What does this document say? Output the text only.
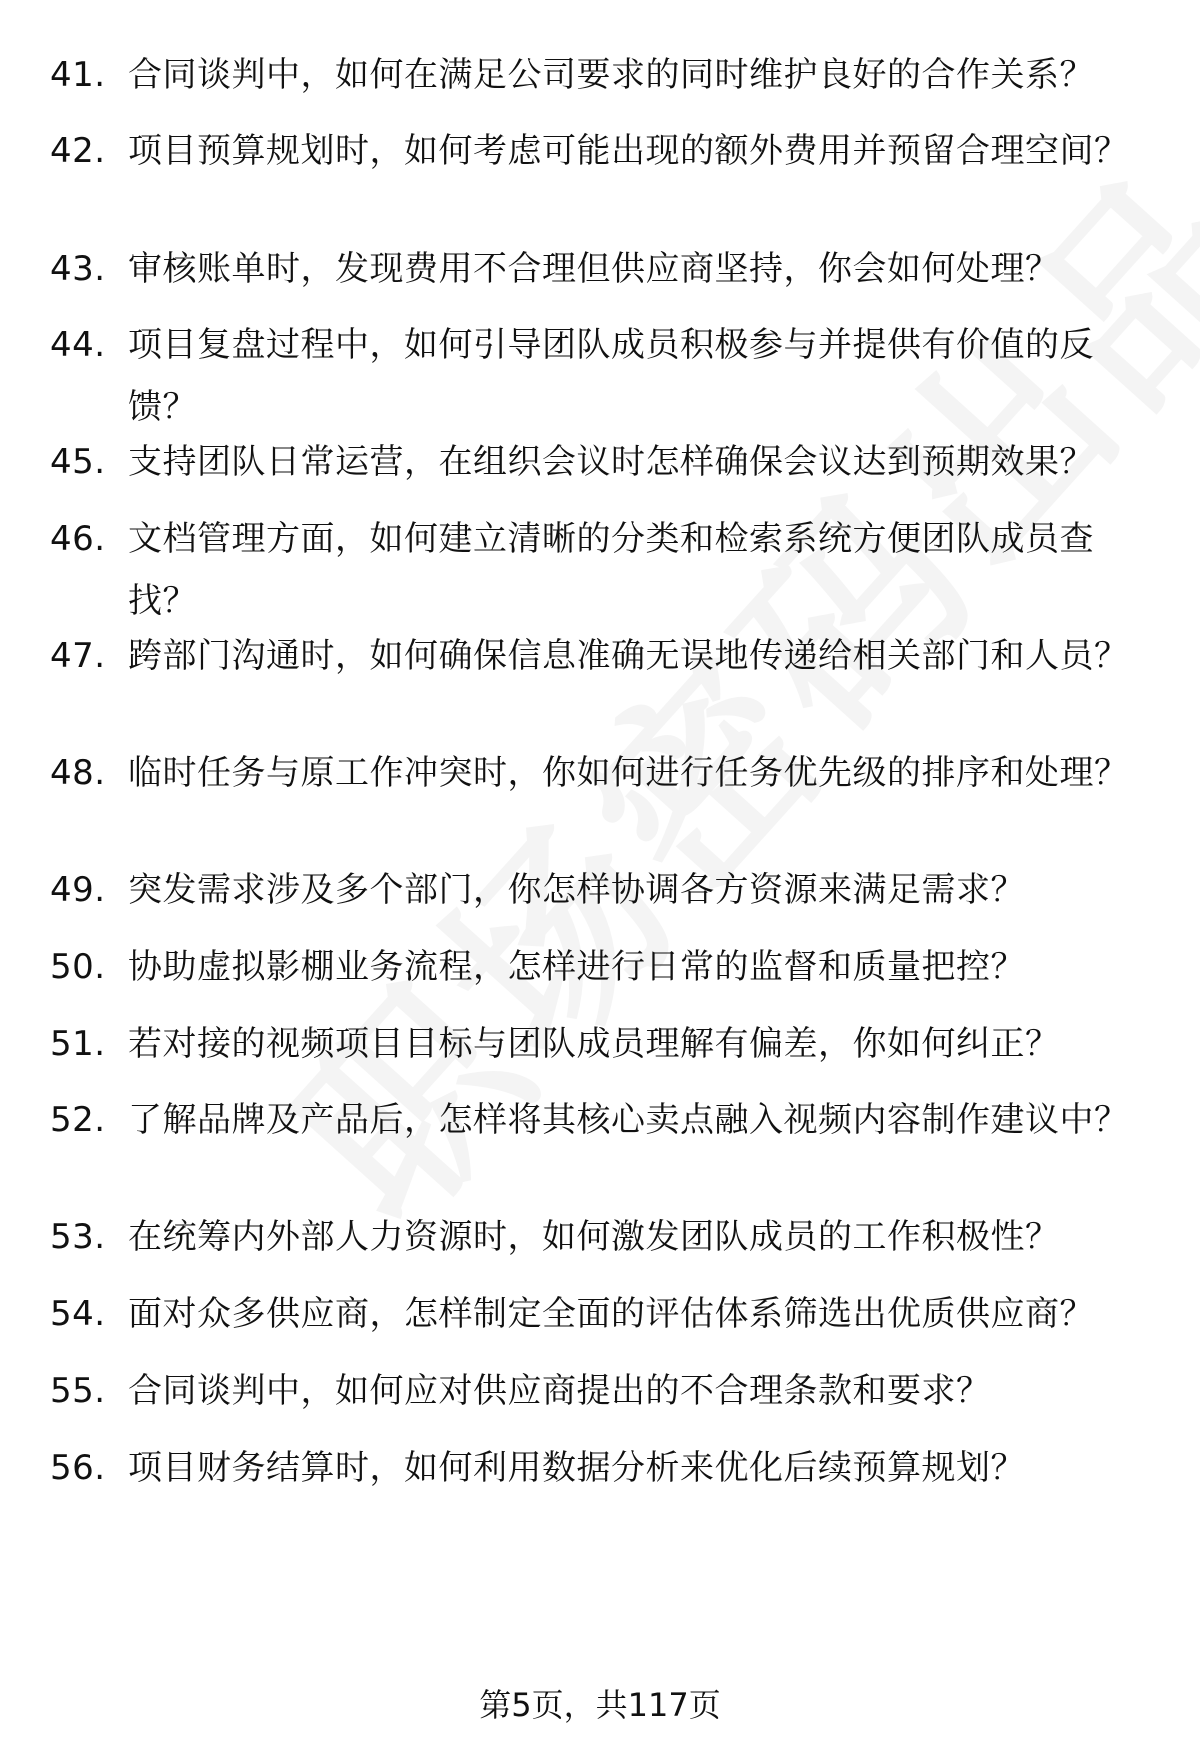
41. 合同谈判中，如何在满足公司要求的同时维护良好的合作关系？
42. 项目预算规划时，如何考虑可能出现的额外费用并预留合理空间？
43. 审核账单时，发现费用不合理但供应商坚持，你会如何处理？
44. 项目复盘过程中，如何引导团队成员积极参与并提供有价值的反馈？
45. 支持团队日常运营，在组织会议时怎样确保会议达到预期效果？
46. 文档管理方面，如何建立清晰的分类和检索系统方便团队成员查找？
47. 跨部门沟通时，如何确保信息准确无误地传递给相关部门和人员？
48. 临时任务与原工作冲突时，你如何进行任务优先级的排序和处理？
49. 突发需求涉及多个部门，你怎样协调各方资源来满足需求？
50. 协助虚拟影棚业务流程，怎样进行日常的监督和质量把控？
51. 若对接的视频项目目标与团队成员理解有偏差，你如何纠正？
52. 了解品牌及产品后，怎样将其核心卖点融入视频内容制作建议中？
53. 在统筹内外部人力资源时，如何激发团队成员的工作积极性？
54. 面对众多供应商，怎样制定全面的评估体系筛选出优质供应商？
55. 合同谈判中，如何应对供应商提出的不合理条款和要求？
56. 项目财务结算时，如何利用数据分析来优化后续预算规划？
第5页，共117页
